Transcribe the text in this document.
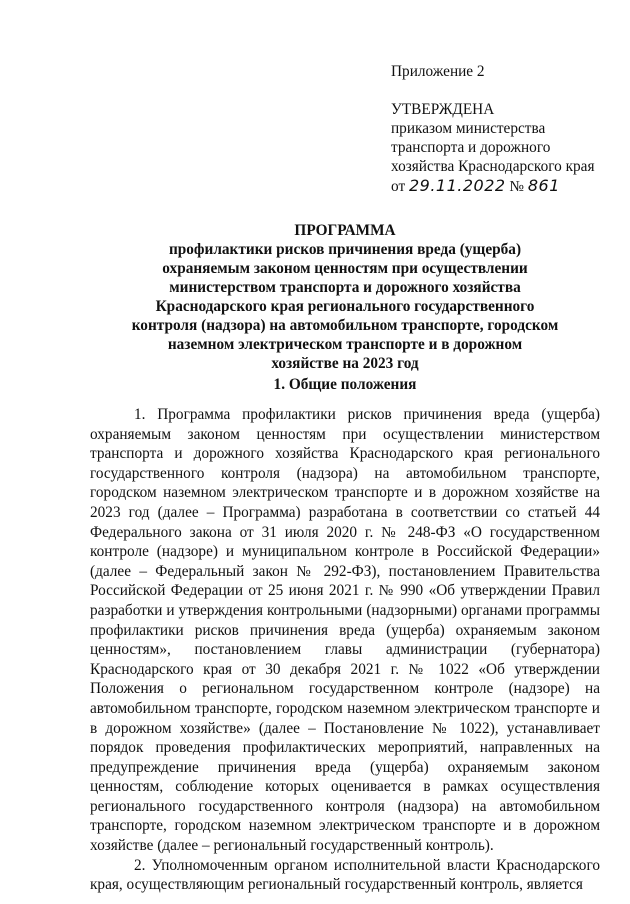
Приложение 2
УТВЕРЖДЕНА
приказом министерства
транспорта и дорожного
хозяйства Краснодарского края
от 29.11.2022 № 861
ПРОГРАММА
профилактики рисков причинения вреда (ущерба)
охраняемым законом ценностям при осуществлении
министерством транспорта и дорожного хозяйства
Краснодарского края регионального государственного
контроля (надзора) на автомобильном транспорте, городском
наземном электрическом транспорте и в дорожном
хозяйстве на 2023 год
1. Общие положения

1. Программа профилактики рисков причинения вреда (ущерба) охраняемым законом ценностям при осуществлении министерством транспорта и дорожного хозяйства Краснодарского края регионального государственного контроля (надзора) на автомобильном транспорте, городском наземном электрическом транспорте и в дорожном хозяйстве на 2023 год (далее – Программа) разработана в соответствии со статьей 44 Федерального закона от 31 июля 2020 г. № 248-ФЗ «О государственном контроле (надзоре) и муниципальном контроле в Российской Федерации» (далее – Федеральный закон № 292-ФЗ), постановлением Правительства Российской Федерации от 25 июня 2021 г. № 990 «Об утверждении Правил разработки и утверждения контрольными (надзорными) органами программы профилактики рисков причинения вреда (ущерба) охраняемым законом ценностям», постановлением главы администрации (губернатора) Краснодарского края от 30 декабря 2021 г. № 1022 «Об утверждении Положения о региональном государственном контроле (надзоре) на автомобильном транспорте, городском наземном электрическом транспорте и в дорожном хозяйстве» (далее – Постановление № 1022), устанавливает порядок проведения профилактических мероприятий, направленных на предупреждение причинения вреда (ущерба) охраняемым законом ценностям, соблюдение которых оценивается в рамках осуществления регионального государственного контроля (надзора) на автомобильном транспорте, городском наземном электрическом транспорте и в дорожном хозяйстве (далее – региональный государственный контроль).

2. Уполномоченным органом исполнительной власти Краснодарского края, осуществляющим региональный государственный контроль, является
